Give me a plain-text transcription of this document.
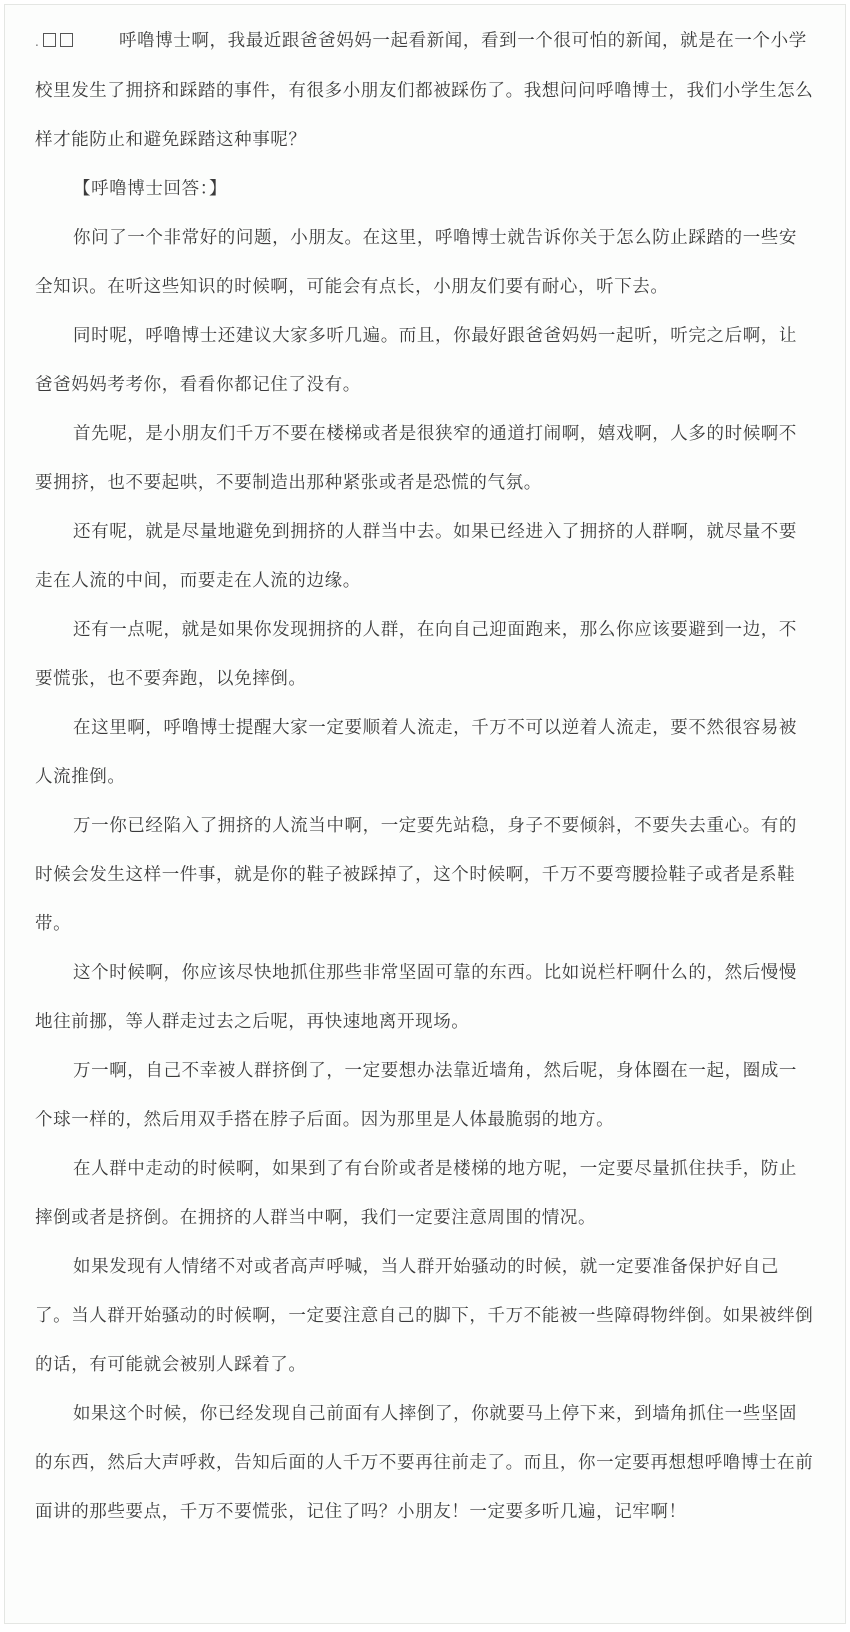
.	呼噜博士啊，我最近跟爸爸妈妈一起看新闻，看到一个很可怕的新闻，就是在一个小学校里发生了拥挤和踩踏的事件，有很多小朋友们都被踩伤了。我想问问呼噜博士，我们小学生怎么样才能防止和避免踩踏这种事呢？

【呼噜博士回答：】

你问了一个非常好的问题，小朋友。在这里，呼噜博士就告诉你关于怎么防止踩踏的一些安全知识。在听这些知识的时候啊，可能会有点长，小朋友们要有耐心，听下去。

同时呢，呼噜博士还建议大家多听几遍。而且，你最好跟爸爸妈妈一起听，听完之后啊，让爸爸妈妈考考你，看看你都记住了没有。

首先呢，是小朋友们千万不要在楼梯或者是很狭窄的通道打闹啊，嬉戏啊，人多的时候啊不要拥挤，也不要起哄，不要制造出那种紧张或者是恐慌的气氛。

还有呢，就是尽量地避免到拥挤的人群当中去。如果已经进入了拥挤的人群啊，就尽量不要走在人流的中间，而要走在人流的边缘。

还有一点呢，就是如果你发现拥挤的人群，在向自己迎面跑来，那么你应该要避到一边，不要慌张，也不要奔跑，以免摔倒。

在这里啊，呼噜博士提醒大家一定要顺着人流走，千万不可以逆着人流走，要不然很容易被人流推倒。

万一你已经陷入了拥挤的人流当中啊，一定要先站稳，身子不要倾斜，不要失去重心。有的时候会发生这样一件事，就是你的鞋子被踩掉了，这个时候啊，千万不要弯腰捡鞋子或者是系鞋带。

这个时候啊，你应该尽快地抓住那些非常坚固可靠的东西。比如说栏杆啊什么的，然后慢慢地往前挪，等人群走过去之后呢，再快速地离开现场。

万一啊，自己不幸被人群挤倒了，一定要想办法靠近墙角，然后呢，身体圈在一起，圈成一个球一样的，然后用双手搭在脖子后面。因为那里是人体最脆弱的地方。

在人群中走动的时候啊，如果到了有台阶或者是楼梯的地方呢，一定要尽量抓住扶手，防止摔倒或者是挤倒。在拥挤的人群当中啊，我们一定要注意周围的情况。

如果发现有人情绪不对或者高声呼喊，当人群开始骚动的时候，就一定要准备保护好自己了。当人群开始骚动的时候啊，一定要注意自己的脚下，千万不能被一些障碍物绊倒。如果被绊倒的话，有可能就会被别人踩着了。

如果这个时候，你已经发现自己前面有人摔倒了，你就要马上停下来，到墙角抓住一些坚固的东西，然后大声呼救，告知后面的人千万不要再往前走了。而且，你一定要再想想呼噜博士在前面讲的那些要点，千万不要慌张，记住了吗？小朋友！一定要多听几遍，记牢啊！
